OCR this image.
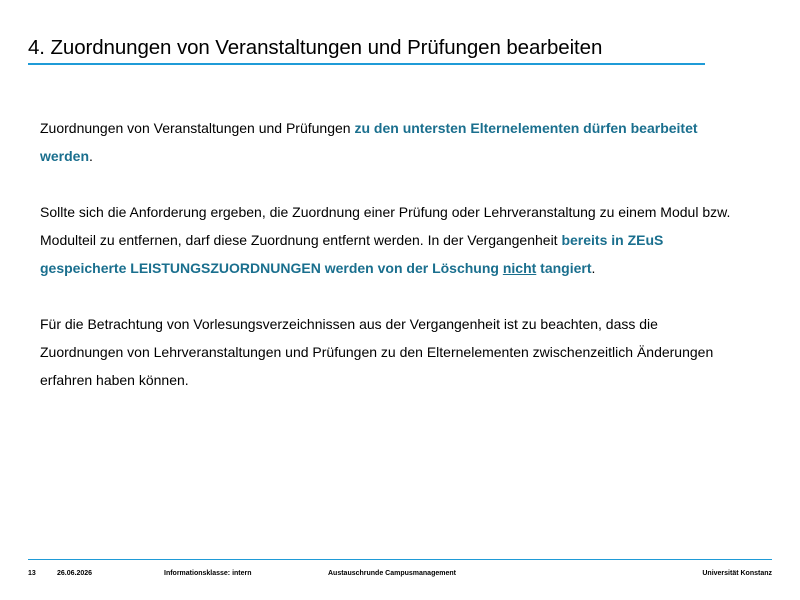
4. Zuordnungen von Veranstaltungen und Prüfungen bearbeiten

Zuordnungen von Veranstaltungen und Prüfungen zu den untersten Elternelementen dürfen bearbeitet werden.

Sollte sich die Anforderung ergeben, die Zuordnung einer Prüfung oder Lehrveranstaltung zu einem Modul bzw. Modulteil zu entfernen, darf diese Zuordnung entfernt werden. In der Vergangenheit bereits in ZEuS gespeicherte LEISTUNGSZUORDNUNGEN werden von der Löschung nicht tangiert.

Für die Betrachtung von Vorlesungsverzeichnissen aus der Vergangenheit ist zu beachten, dass die Zuordnungen von Lehrveranstaltungen und Prüfungen zu den Elternelementen zwischenzeitlich Änderungen erfahren haben können.

13	26.06.2026	Informationsklasse: intern	Austauschrunde Campusmanagement	Universität Konstanz
